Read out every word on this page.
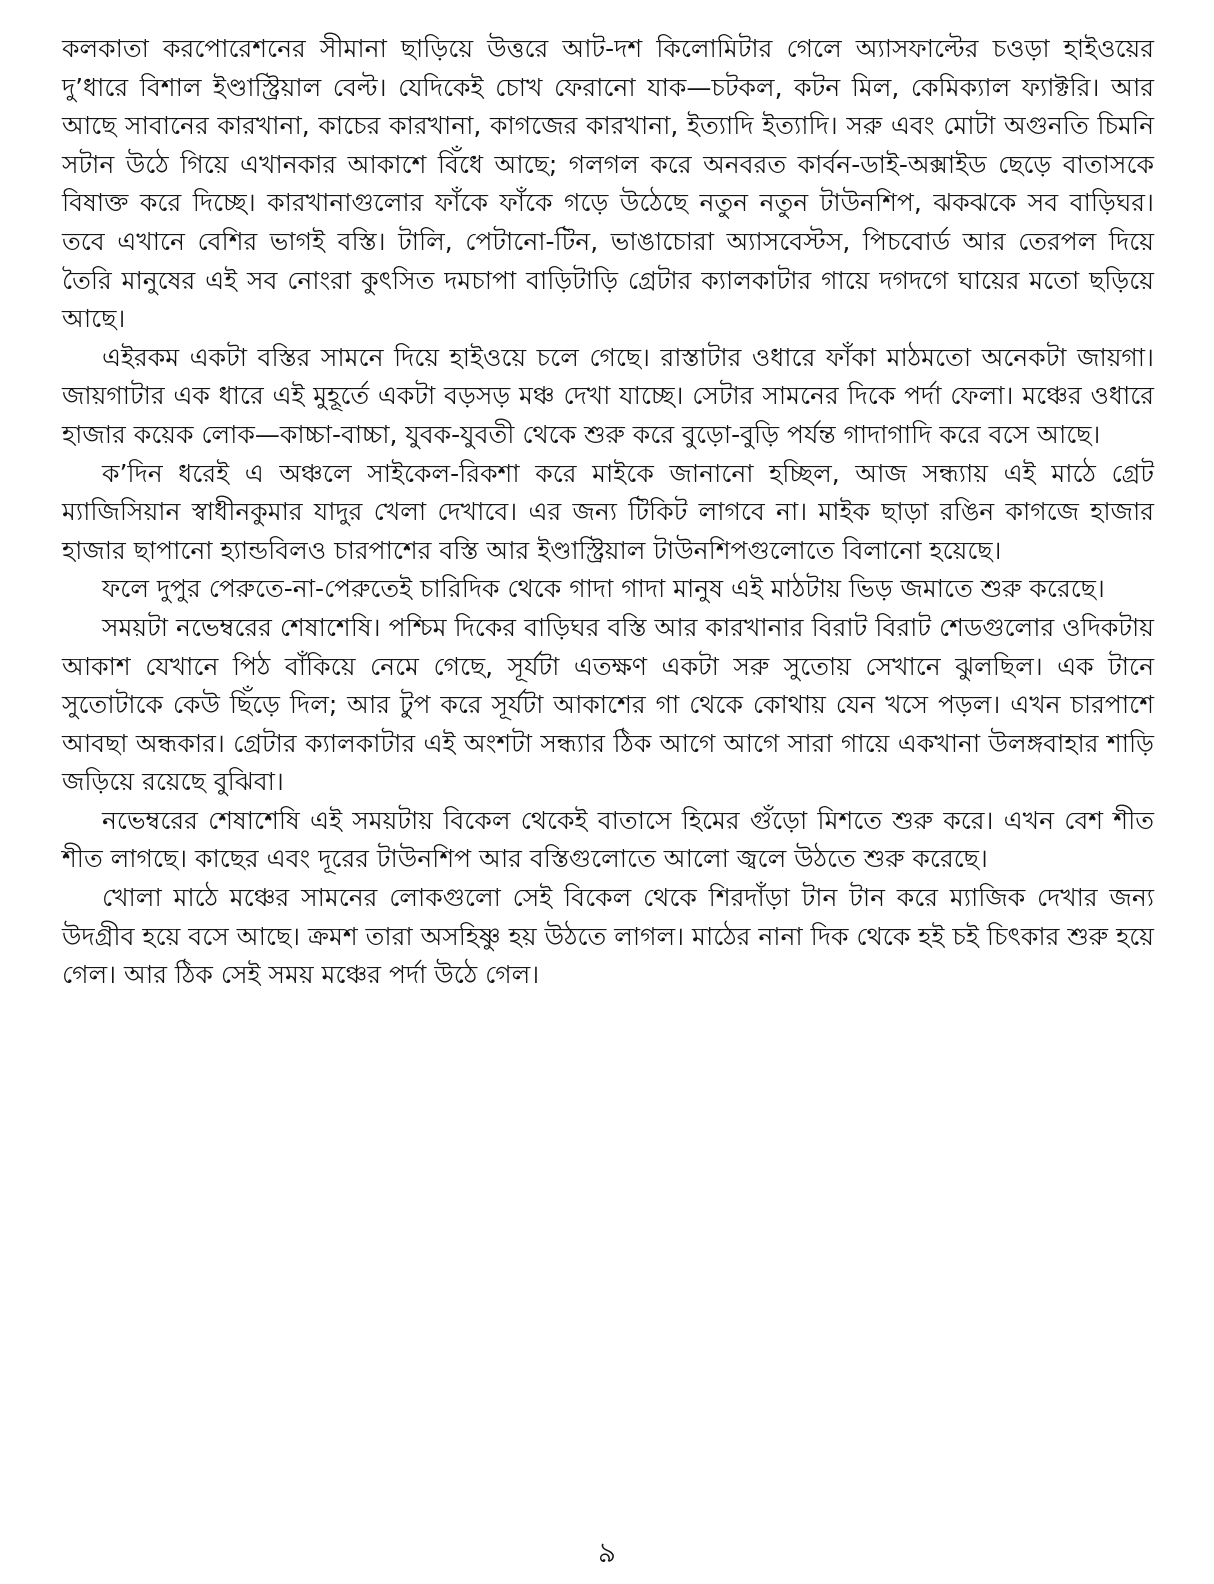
কলকাতা করপোরেশনের সীমানা ছাড়িয়ে উত্তরে আট-দশ কিলোমিটার গেলে অ্যাসফাল্টের চওড়া হাইওয়ের দু’ধারে বিশাল ইণ্ডাস্ট্রিয়াল বেল্ট। যেদিকেই চোখ ফেরানো যাক—চটকল, কটন মিল, কেমিক্যাল ফ্যাক্টরি। আর আছে সাবানের কারখানা, কাচের কারখানা, কাগজের কারখানা, ইত্যাদি ইত্যাদি। সরু এবং মোটা অগুনতি চিমনি সটান উঠে গিয়ে এখানকার আকাশে বিঁধে আছে; গলগল করে অনবরত কার্বন-ডাই-অক্সাইড ছেড়ে বাতাসকে বিষাক্ত করে দিচ্ছে। কারখানাগুলোর ফাঁকে ফাঁকে গড়ে উঠেছে নতুন নতুন টাউনশিপ, ঝকঝকে সব বাড়িঘর। তবে এখানে বেশির ভাগই বস্তি। টালি, পেটানো-টিন, ভাঙাচোরা অ্যাসবেস্টস, পিচবোর্ড আর তেরপল দিয়ে তৈরি মানুষের এই সব নোংরা কুৎসিত দমচাপা বাড়িটাড়ি গ্রেটার ক্যালকাটার গায়ে দগদগে ঘায়ের মতো ছড়িয়ে আছে।

এইরকম একটা বস্তির সামনে দিয়ে হাইওয়ে চলে গেছে। রাস্তাটার ওধারে ফাঁকা মাঠমতো অনেকটা জায়গা। জায়গাটার এক ধারে এই মুহূর্তে একটা বড়সড় মঞ্চ দেখা যাচ্ছে। সেটার সামনের দিকে পর্দা ফেলা। মঞ্চের ওধারে হাজার কয়েক লোক—কাচ্চা-বাচ্চা, যুবক-যুবতী থেকে শুরু করে বুড়ো-বুড়ি পর্যন্ত গাদাগাদি করে বসে আছে।

ক’দিন ধরেই এ অঞ্চলে সাইকেল-রিকশা করে মাইকে জানানো হচ্ছিল, আজ সন্ধ্যায় এই মাঠে গ্রেট ম্যাজিসিয়ান স্বাধীনকুমার যাদুর খেলা দেখাবে। এর জন্য টিকিট লাগবে না। মাইক ছাড়া রঙিন কাগজে হাজার হাজার ছাপানো হ্যান্ডবিলও চারপাশের বস্তি আর ইণ্ডাস্ট্রিয়াল টাউনশিপগুলোতে বিলানো হয়েছে।

ফলে দুপুর পেরুতে-না-পেরুতেই চারিদিক থেকে গাদা গাদা মানুষ এই মাঠটায় ভিড় জমাতে শুরু করেছে।

সময়টা নভেম্বরের শেষাশেষি। পশ্চিম দিকের বাড়িঘর বস্তি আর কারখানার বিরাট বিরাট শেডগুলোর ওদিকটায় আকাশ যেখানে পিঠ বাঁকিয়ে নেমে গেছে, সূর্যটা এতক্ষণ একটা সরু সুতোয় সেখানে ঝুলছিল। এক টানে সুতোটাকে কেউ ছিঁড়ে দিল; আর টুপ করে সূর্যটা আকাশের গা থেকে কোথায় যেন খসে পড়ল। এখন চারপাশে আবছা অন্ধকার। গ্রেটার ক্যালকাটার এই অংশটা সন্ধ্যার ঠিক আগে আগে সারা গায়ে একখানা উলঙ্গবাহার শাড়ি জড়িয়ে রয়েছে বুঝিবা।

নভেম্বরের শেষাশেষি এই সময়টায় বিকেল থেকেই বাতাসে হিমের গুঁড়ো মিশতে শুরু করে। এখন বেশ শীত শীত লাগছে। কাছের এবং দূরের টাউনশিপ আর বস্তিগুলোতে আলো জ্বলে উঠতে শুরু করেছে।

খোলা মাঠে মঞ্চের সামনের লোকগুলো সেই বিকেল থেকে শিরদাঁড়া টান টান করে ম্যাজিক দেখার জন্য উদগ্রীব হয়ে বসে আছে। ক্রমশ তারা অসহিষ্ণু হয় উঠতে লাগল। মাঠের নানা দিক থেকে হই চই চিৎকার শুরু হয়ে গেল। আর ঠিক সেই সময় মঞ্চের পর্দা উঠে গেল।

৯
